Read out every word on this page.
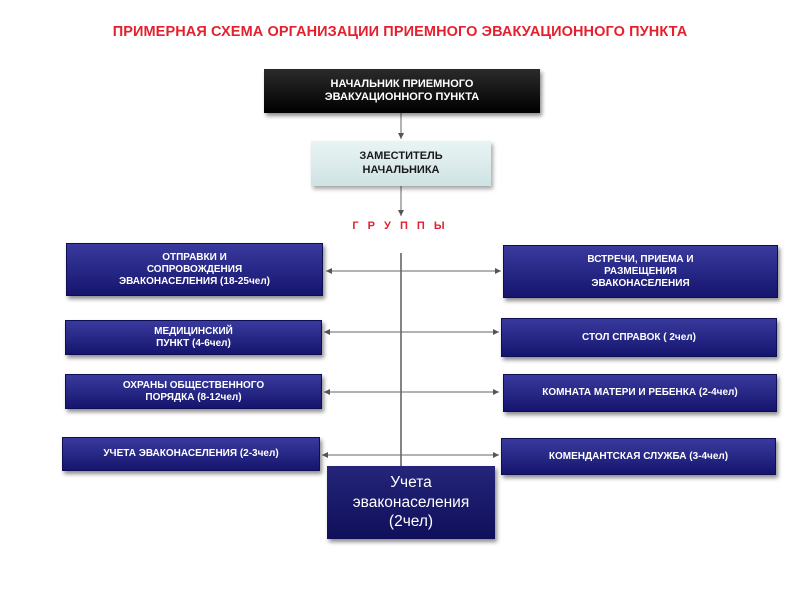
ПРИМЕРНАЯ СХЕМА ОРГАНИЗАЦИИ ПРИЕМНОГО ЭВАКУАЦИОННОГО ПУНКТА
НАЧАЛЬНИК ПРИЕМНОГО
ЭВАКУАЦИОННОГО ПУНКТА
ЗАМЕСТИТЕЛЬ
НАЧАЛЬНИКА
Г Р У П П Ы
ОТПРАВКИ И
СОПРОВОЖДЕНИЯ
ЭВАКОНАСЕЛЕНИЯ (18-25чел)
МЕДИЦИНСКИЙ
ПУНКТ (4-6чел)
ОХРАНЫ ОБЩЕСТВЕННОГО
ПОРЯДКА (8-12чел)
УЧЕТА ЭВАКОНАСЕЛЕНИЯ (2-3чел)
ВСТРЕЧИ, ПРИЕМА И
РАЗМЕЩЕНИЯ
ЭВАКОНАСЕЛЕНИЯ
СТОЛ СПРАВОК ( 2чел)
КОМНАТА МАТЕРИ И РЕБЕНКА (2-4чел)
КОМЕНДАНТСКАЯ СЛУЖБА (3-4чел)
Учета
эваконаселения
(2чел)
